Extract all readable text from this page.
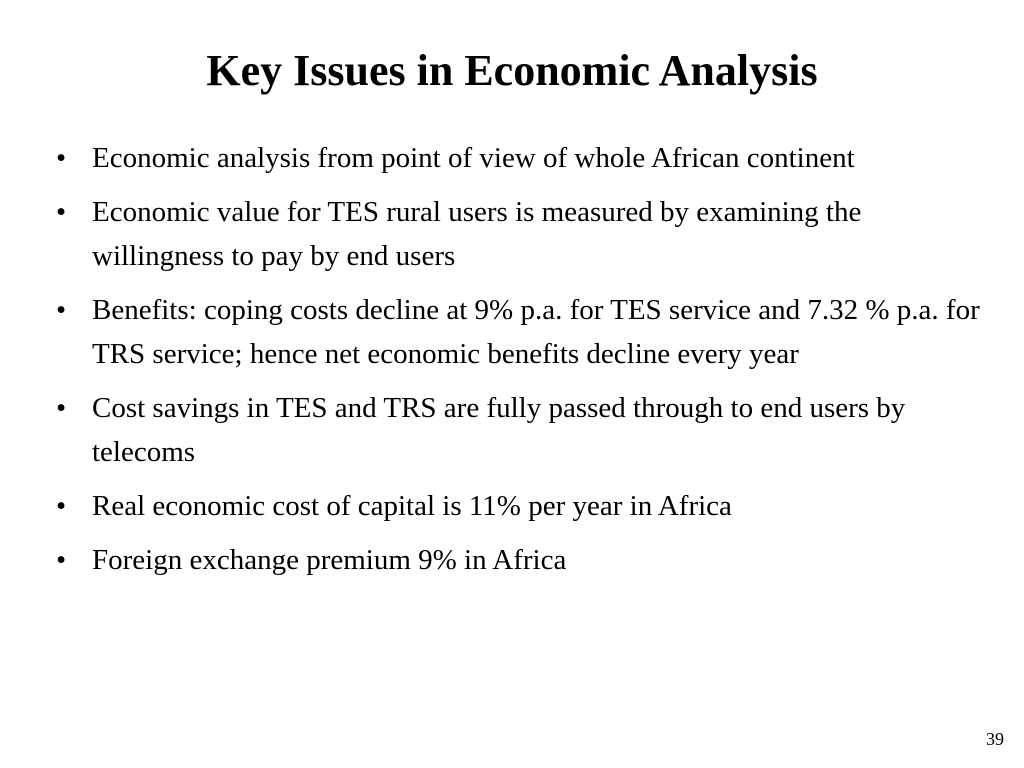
Key Issues in Economic Analysis
• Economic analysis from point of view of whole African continent
• Economic value for TES rural users is measured by examining the willingness to pay by end users
• Benefits: coping costs decline at 9% p.a. for TES service and 7.32 % p.a. for TRS service; hence net economic benefits decline every year
• Cost savings in TES and TRS are fully passed through to end users by telecoms
• Real economic cost of capital is 11% per year in Africa
• Foreign exchange premium 9% in Africa
39
